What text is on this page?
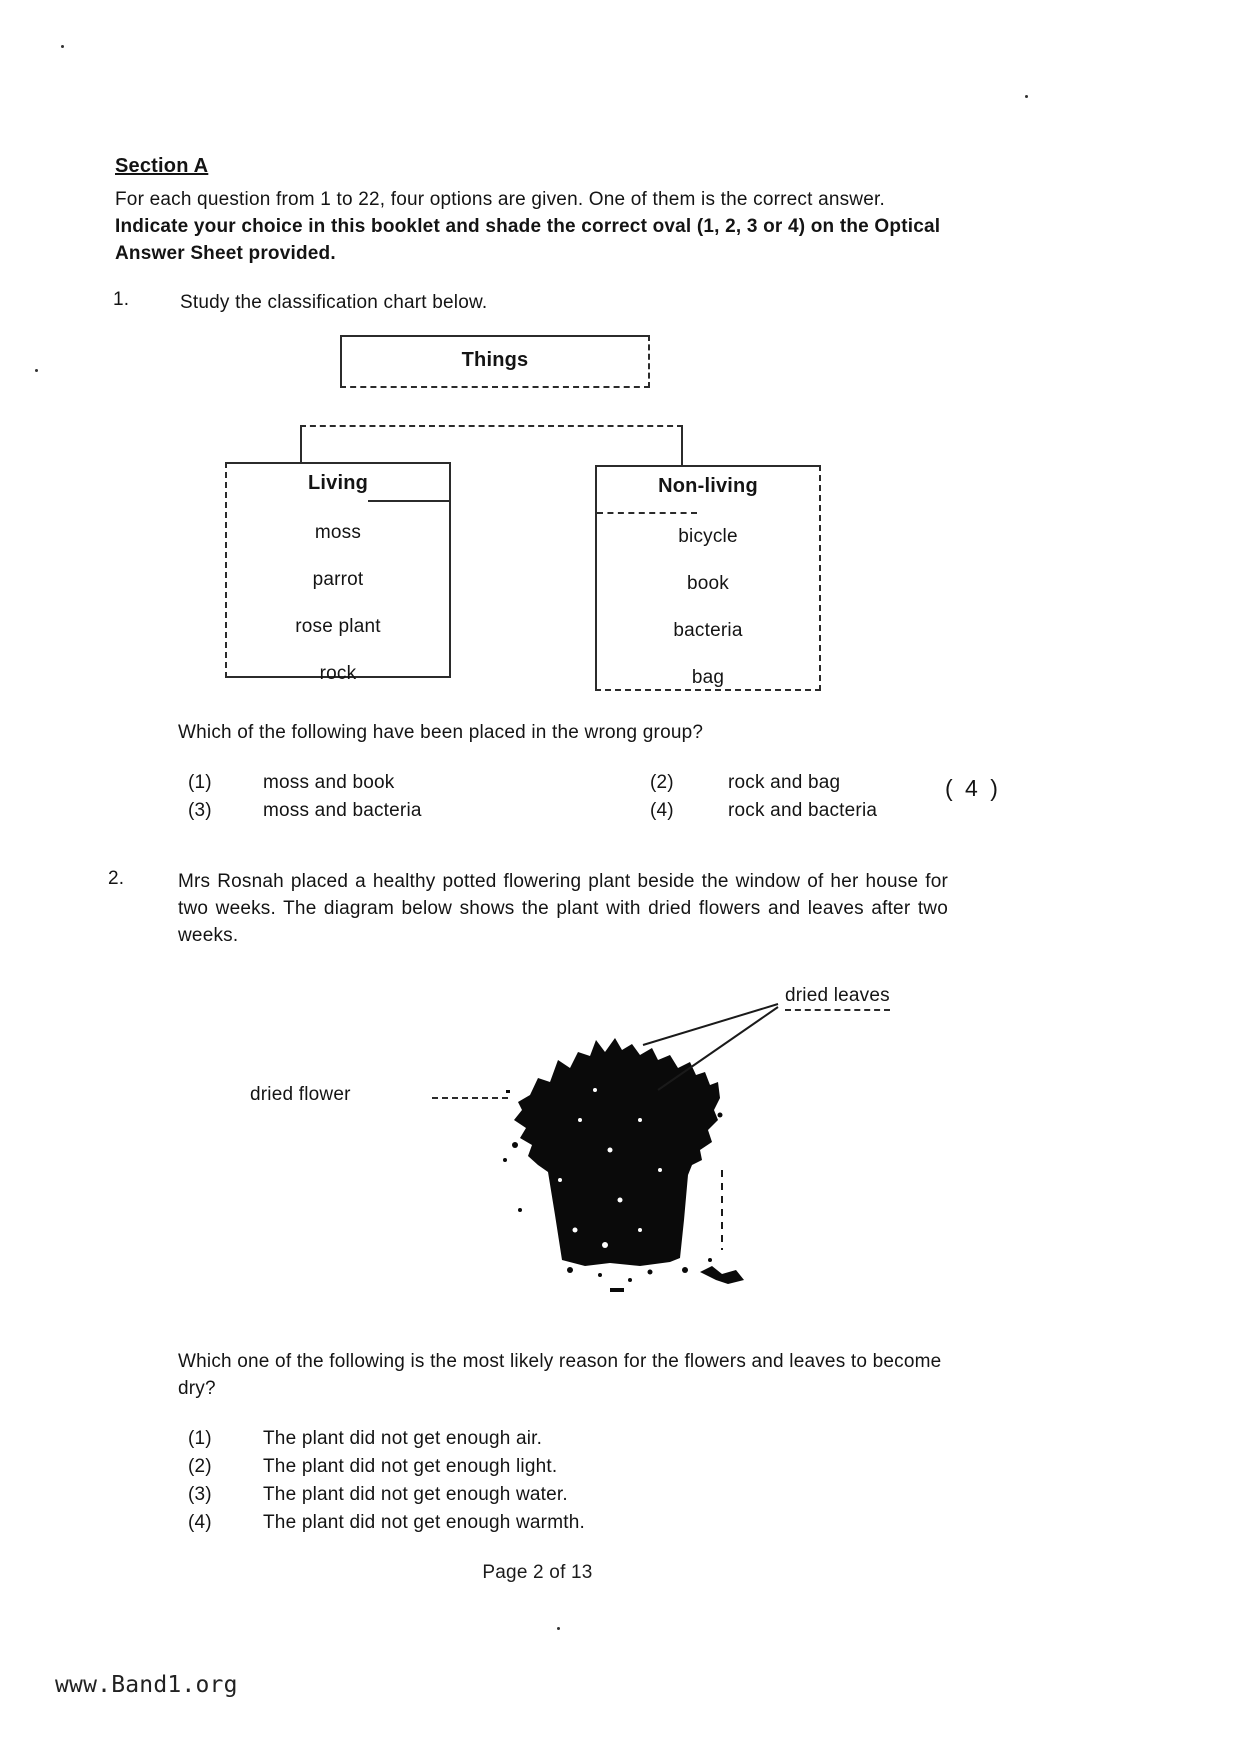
Section A
For each question from 1 to 22, four options are given. One of them is the correct answer. Indicate your choice in this booklet and shade the correct oval (1, 2, 3 or 4) on the Optical Answer Sheet provided.
1.	Study the classification chart below.
Things
Living
moss
parrot
rose plant
rock
Non-living
bicycle
book
bacteria
bag
Which of the following have been placed in the wrong group?
(1)	moss and book	(2)	rock and bag
(3)	moss and bacteria	(4)	rock and bacteria
( 4 )
2.	Mrs Rosnah placed a healthy potted flowering plant beside the window of her house for two weeks. The diagram below shows the plant with dried flowers and leaves after two weeks.
dried flower
dried leaves
Which one of the following is the most likely reason for the flowers and leaves to become dry?
(1)	The plant did not get enough air.
(2)	The plant did not get enough light.
(3)	The plant did not get enough water.
(4)	The plant did not get enough warmth.
Page 2 of 13
www.Band1.org
